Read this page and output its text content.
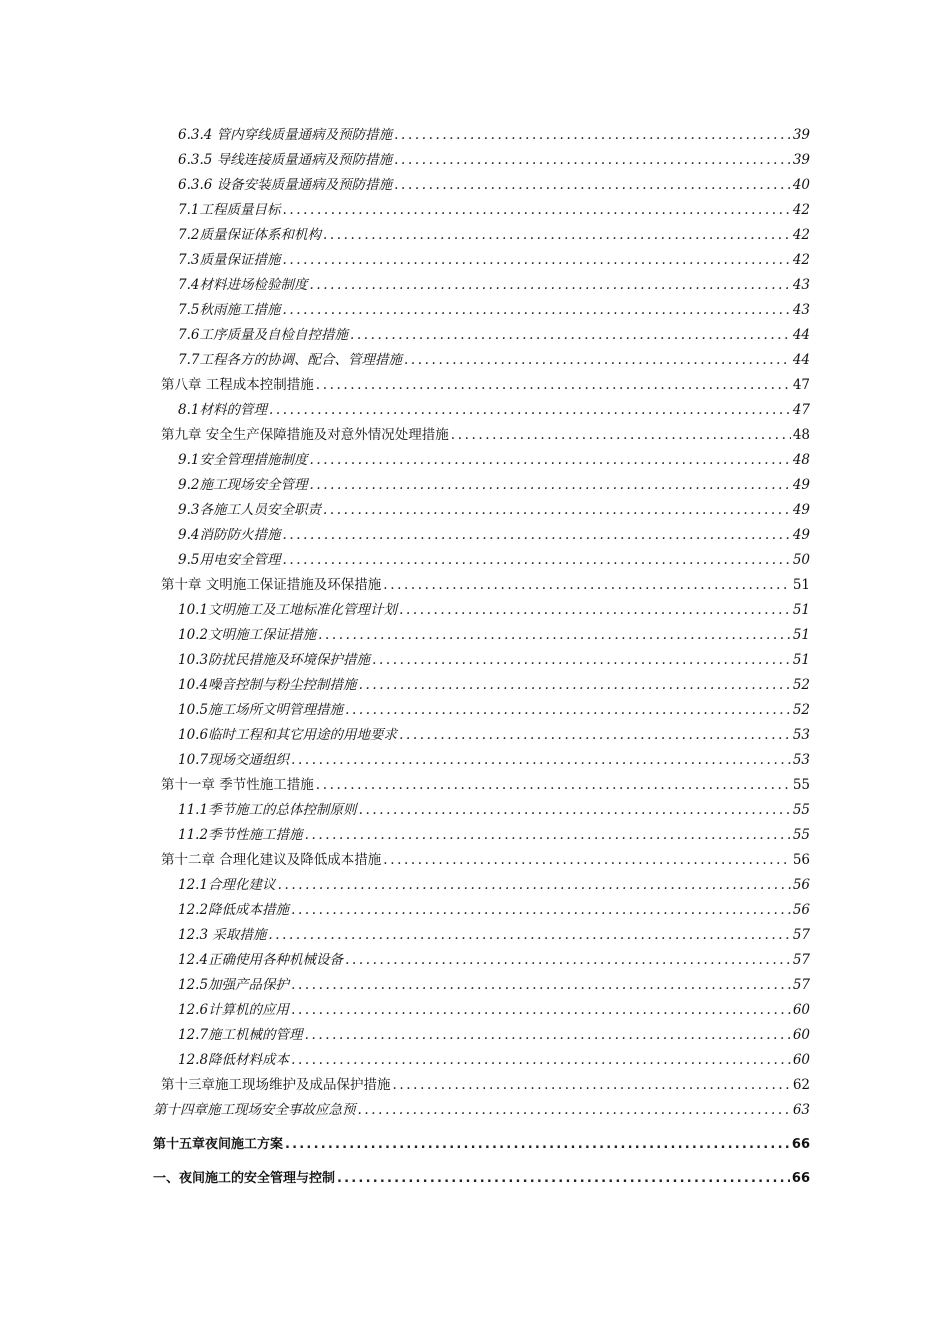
6.3.4 管内穿线质量通病及预防措施 .....	39
6.3.5 导线连接质量通病及预防措施 .....	39
6.3.6 设备安装质量通病及预防措施 .....	40
7.1工程质量目标 .....	42
7.2质量保证体系和机构 .....	42
7.3质量保证措施 .....	42
7.4材料进场检验制度 .....	43
7.5秋雨施工措施 .....	43
7.6工序质量及自检自控措施 .....	44
7.7工程各方的协调、配合、管理措施 .....	44
第八章 工程成本控制措施 .....	47
8.1材料的管理 .....	47
第九章 安全生产保障措施及对意外情况处理措施 .....	48
9.1安全管理措施制度 .....	48
9.2施工现场安全管理 .....	49
9.3各施工人员安全职责 .....	49
9.4消防防火措施 .....	49
9.5用电安全管理 .....	50
第十章 文明施工保证措施及环保措施 .....	51
10.1文明施工及工地标准化管理计划 .....	51
10.2文明施工保证措施 .....	51
10.3防扰民措施及环境保护措施 .....	51
10.4噪音控制与粉尘控制措施 .....	52
10.5施工场所文明管理措施 .....	52
10.6临时工程和其它用途的用地要求 .....	53
10.7现场交通组织 .....	53
第十一章 季节性施工措施 .....	55
11.1季节施工的总体控制原则 .....	55
11.2季节性施工措施 .....	55
第十二章 合理化建议及降低成本措施 .....	56
12.1合理化建议 .....	56
12.2降低成本措施 .....	56
12.3 采取措施 .....	57
12.4正确使用各种机械设备 .....	57
12.5加强产品保护 .....	57
12.6计算机的应用 .....	60
12.7施工机械的管理 .....	60
12.8降低材料成本 .....	60
第十三章施工现场维护及成品保护措施 .....	62
第十四章施工现场安全事故应急预 .....	63
第十五章夜间施工方案 .....	66
一、夜间施工的安全管理与控制 .....	66
